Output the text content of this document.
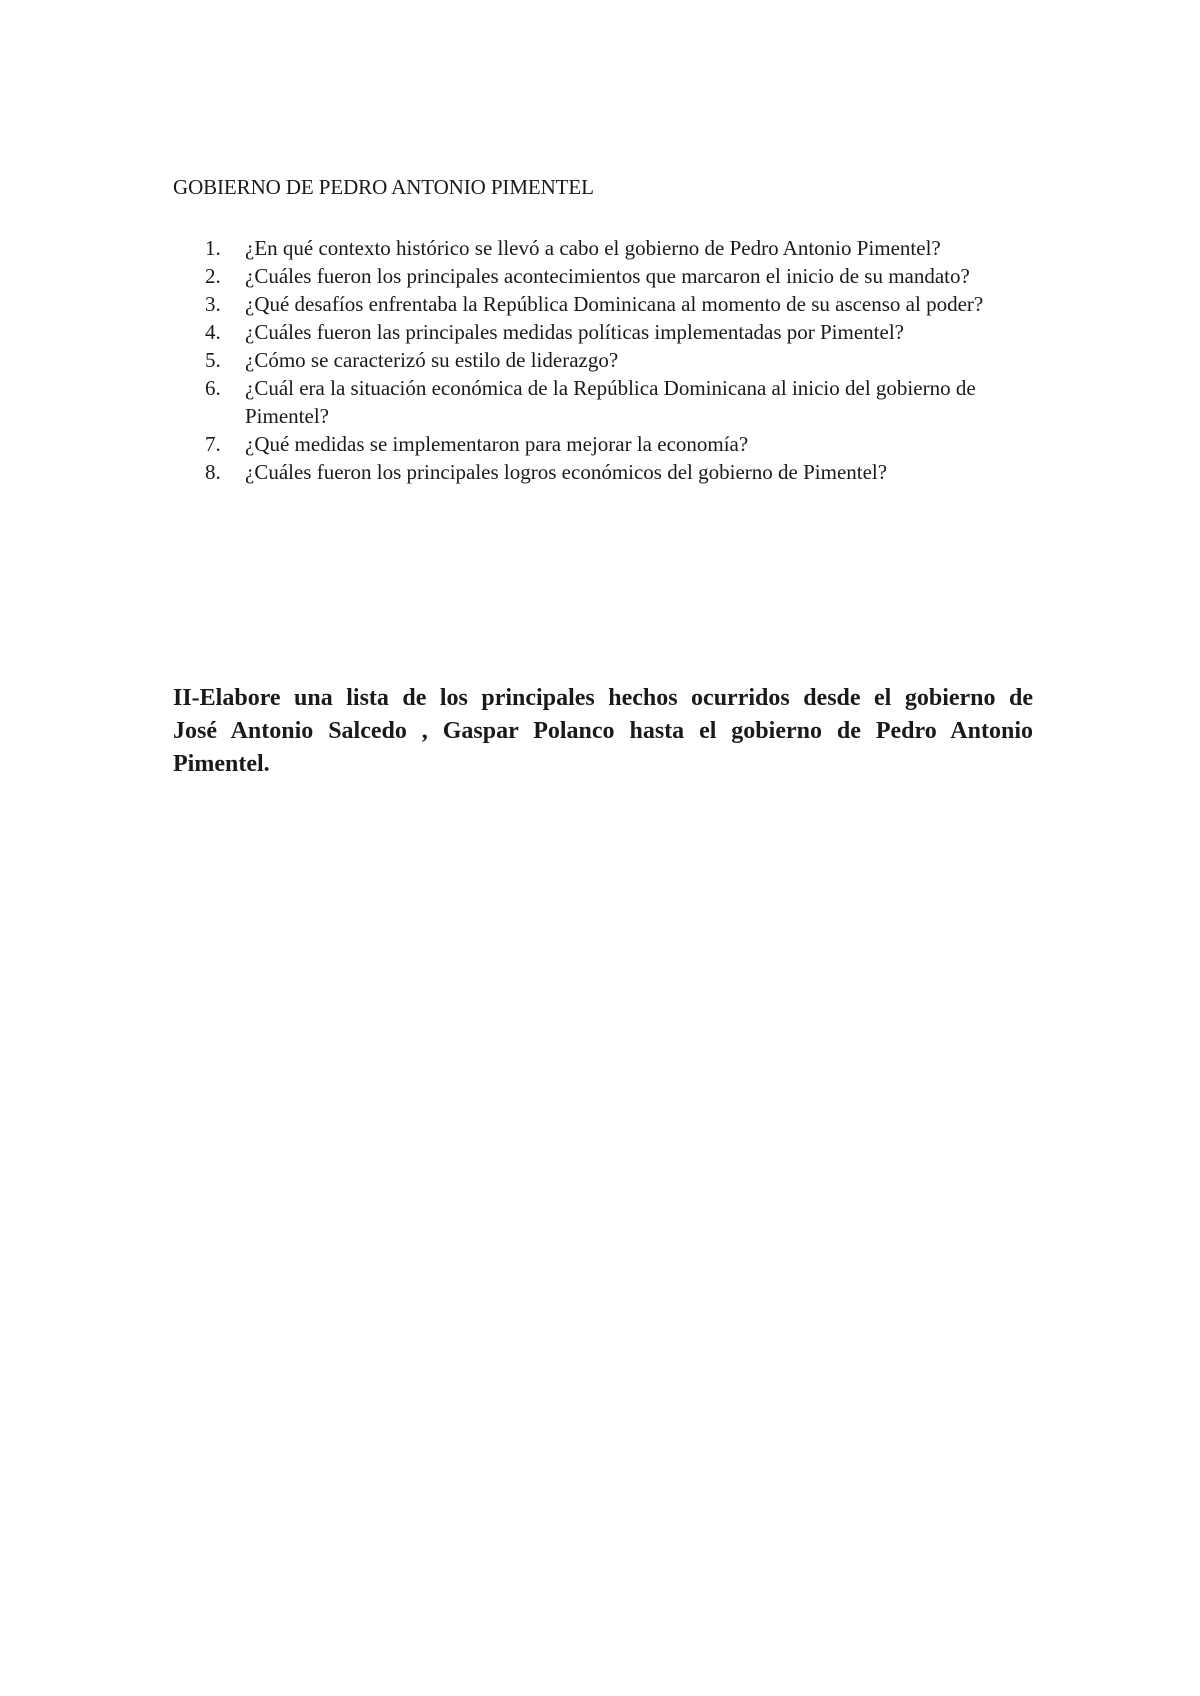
GOBIERNO DE PEDRO ANTONIO PIMENTEL
1. ¿En qué contexto histórico se llevó a cabo el gobierno de Pedro Antonio Pimentel?
2. ¿Cuáles fueron los principales acontecimientos que marcaron el inicio de su mandato?
3. ¿Qué desafíos enfrentaba la República Dominicana al momento de su ascenso al poder?
4. ¿Cuáles fueron las principales medidas políticas implementadas por Pimentel?
5. ¿Cómo se caracterizó su estilo de liderazgo?
6. ¿Cuál era la situación económica de la República Dominicana al inicio del gobierno de Pimentel?
7. ¿Qué medidas se implementaron para mejorar la economía?
8. ¿Cuáles fueron los principales logros económicos del gobierno de Pimentel?
II-Elabore una lista de los principales hechos ocurridos desde el gobierno de José Antonio Salcedo , Gaspar Polanco hasta el gobierno de Pedro Antonio Pimentel.
